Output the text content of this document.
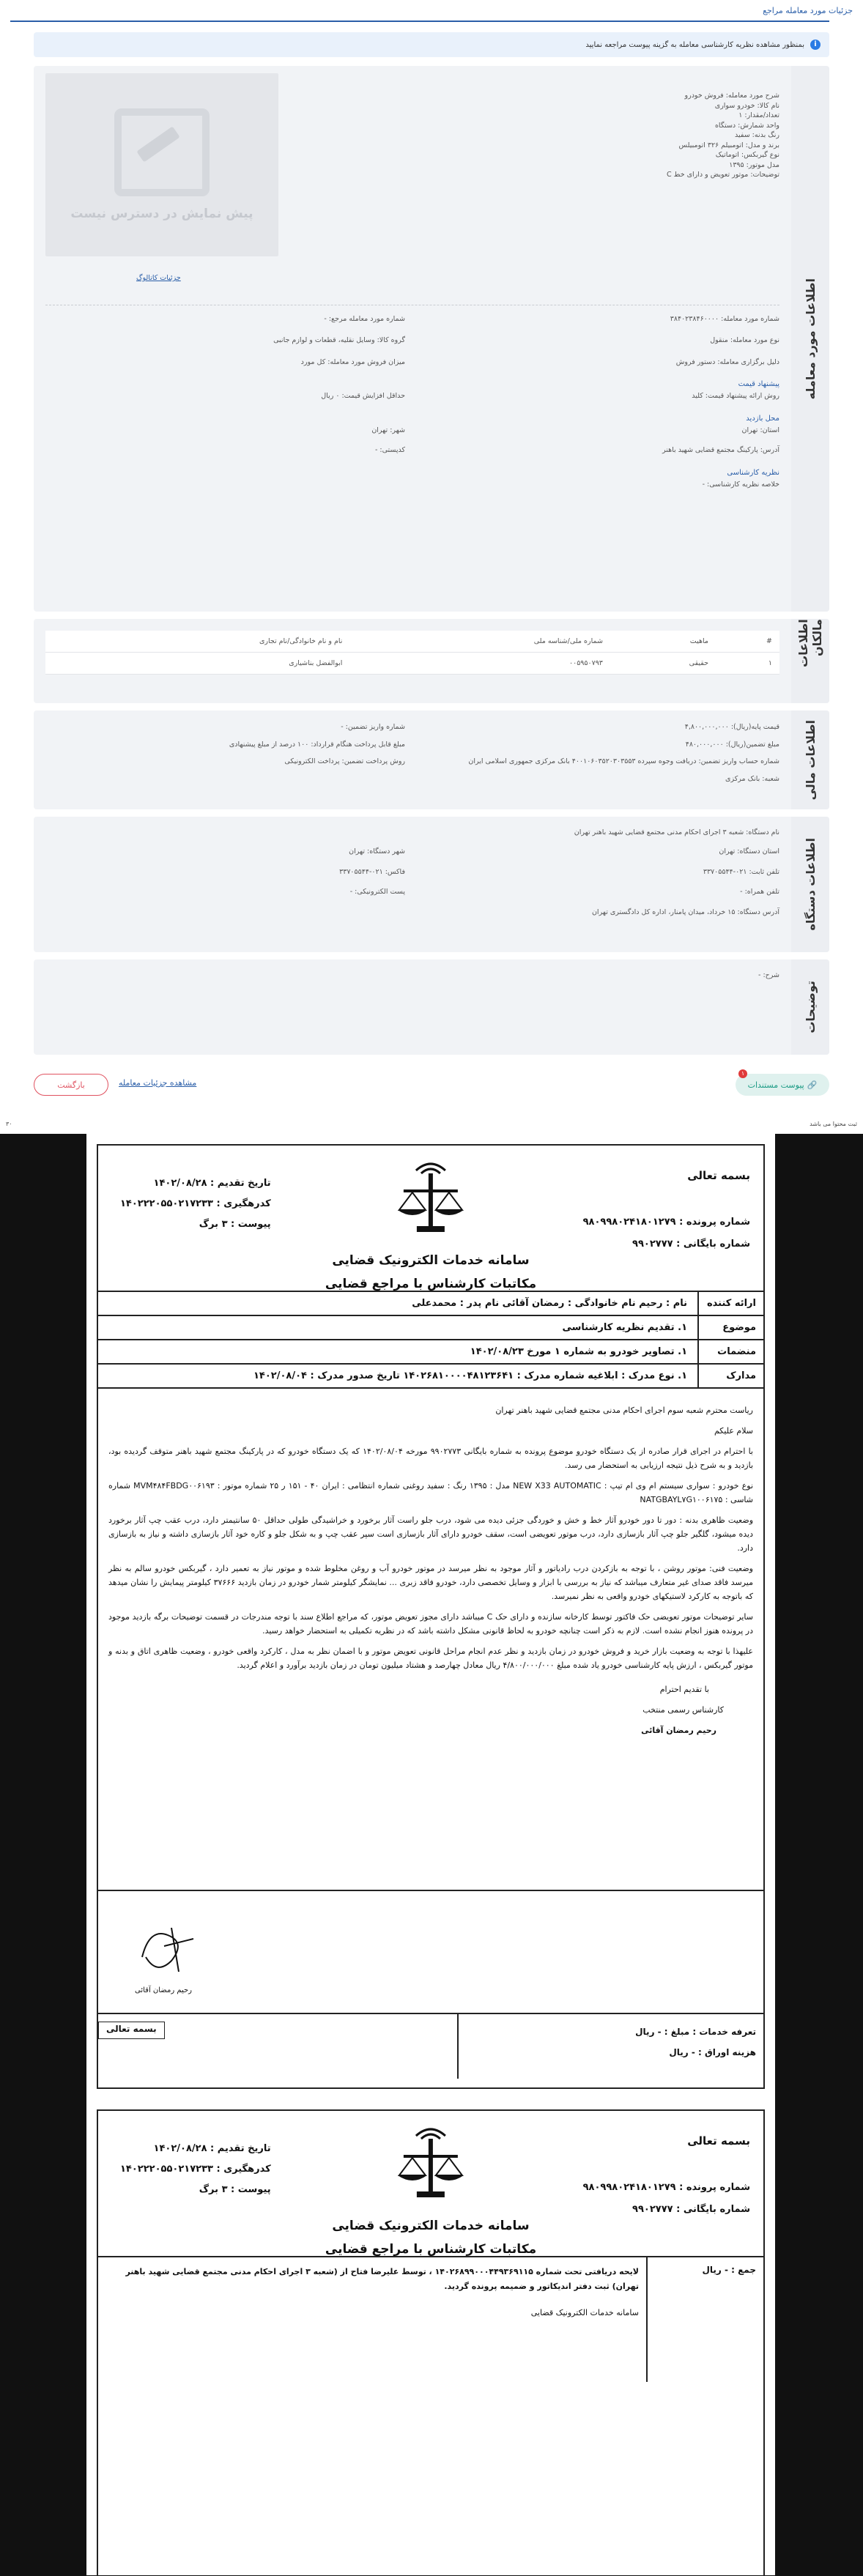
جزئیات مورد معامله مراجع
i
بمنظور مشاهده نظریه کارشناسی معامله به گزینه پیوست مراجعه نمایید
اطلاعات مورد معامله
شرح مورد معامله: فروش خودرو
نام کالا: خودرو سواری
تعداد/مقدار: ۱
واحد شمارش: دستگاه
رنگ بدنه: سفید
برند و مدل: اتومبیلم ۳۲۶ اتومبیلس
نوع گیربکس: اتوماتیک
مدل موتور: ۱۳۹۵
توضیحات: موتور تعویض و دارای خط C
پیش نمایش در دسترس نیست
جزئیات کاتالوگ
شماره مورد معامله: ۳۸۴۰۲۳۸۴۶۰۰۰۰
شماره مورد معامله مرجع: -
نوع مورد معامله: منقول
گروه کالا: وسایل نقلیه، قطعات و لوازم جانبی
دلیل برگزاری معامله: دستور فروش
میزان فروش مورد معامله: کل مورد
پیشنهاد قیمت
روش ارائه پیشنهاد قیمت: کلید
حداقل افزایش قیمت: ۰ ریال
محل بازدید
استان: تهران
شهر: تهران
آدرس: پارکینگ مجتمع قضایی شهید باهنر
کدپستی: -
نظریه کارشناسی
خلاصه نظریه کارشناسی: -
اطلاعات مالکان
#	ماهیت	شماره ملی/شناسه ملی	نام و نام خانوادگی/نام تجاری
۱	حقیقی	۰۰۵۹۵۰۷۹۳	ابوالفضل بناشیاری
اطلاعات مالی
قیمت پایه(ریال): ۴,۸۰۰,۰۰۰,۰۰۰
شماره واریز تضمین: -
مبلغ تضمین(ریال): ۴۸۰,۰۰۰,۰۰۰
مبلغ قابل پرداخت هنگام قرارداد: ۱۰۰ درصد از مبلغ پیشنهادی
شماره حساب واریز تضمین: دریافت وجوه سپرده ۴۰۰۱۰۶۰۳۵۲۰۳۰۳۵۵۳ بانک مرکزی جمهوری اسلامی ایران
روش پرداخت تضمین: پرداخت الکترونیکی
شعبه: بانک مرکزی
اطلاعات دستگاه
نام دستگاه: شعبه ۳ اجرای احکام مدنی مجتمع قضایی شهید باهنر تهران
استان دستگاه: تهران
شهر دستگاه: تهران
تلفن ثابت: ۰۲۱-۳۳۷۰۵۵۴۴
فاکس: ۰۲۱-۳۳۷۰۵۵۴۴
تلفن همراه: -
پست الکترونیکی: -
آدرس دستگاه: ۱۵ خرداد، میدان پامنار، اداره کل دادگستری تهران
توضیحات
شرح: -
🔗
پیوست مستندات
۱
مشاهده جزئیات معامله
بازگشت
ثبت محتوا می باشد
۳۰
بسمه تعالی
شماره پرونده : ۹۸۰۹۹۸۰۲۴۱۸۰۱۲۷۹
شماره بایگانی : ۹۹۰۲۷۷۷
سامانه خدمات الکترونیک قضایی
مکاتبات کارشناس با مراجع قضایی
تاریخ تقدیم : ۱۴۰۲/۰۸/۲۸
کدرهگیری : ۱۴۰۲۲۲۰۵۵۰۲۱۷۲۳۳
پیوست : ۳ برگ
ارائه کننده
نام : رحیم نام خانوادگی : رمضان آقائی نام پدر : محمدعلی
موضوع
۱. تقدیم نظریه کارشناسی
منضمات
۱. تصاویر خودرو به شماره ۱ مورخ ۱۴۰۲/۰۸/۲۳
مدارک
۱. نوع مدرک : ابلاغیه شماره مدرک : ۱۴۰۲۶۸۱۰۰۰۰۴۸۱۲۳۶۴۱ تاریخ صدور مدرک : ۱۴۰۲/۰۸/۰۴

ریاست محترم شعبه سوم اجرای احکام مدنی مجتمع قضایی شهید باهنر تهران

سلام علیکم

با احترام در اجرای قرار صادره از یک دستگاه خودرو موضوع پرونده به شماره بایگانی ۹۹۰۲۷۷۳ مورخه ۱۴۰۲/۰۸/۰۴ که یک دستگاه خودرو که در پارکینگ مجتمع شهید باهنر متوقف گردیده بود، بازدید و به شرح ذیل نتیجه ارزیابی به استحضار می رسد.

نوع خودرو : سواری سیستم ام وی ام تیپ : NEW X33 AUTOMATIC مدل : ۱۳۹۵ رنگ : سفید روغنی شماره انتظامی : ایران ۴۰ - ۱۵۱ ر ۲۵ شماره موتور : MVM۴۸۴FBDG۰۰۶۱۹۳ شماره شاسی : NATGBAYL۷G۱۰۰۶۱۷۵

وضعیت ظاهری بدنه : دور تا دور خودرو آثار خط و خش و خوردگی جزئی دیده می شود، درب جلو راست آثار برخورد و خراشیدگی طولی حداقل ۵۰ سانتیمتر دارد، درب عقب چپ آثار برخورد دیده میشود، گلگیر جلو چپ آثار بازسازی دارد، درب موتور تعویضی است، سقف خودرو دارای آثار بازسازی است سپر عقب چپ و به شکل جلو و کاره خود آثار بازسازی داشته و نیاز به بازسازی دارد.

وضعیت فنی: موتور روشن ، با توجه به بازکردن درب رادیاتور و آثار موجود به نظر میرسد در موتور خودرو آب و روغن مخلوط شده و موتور نیاز به تعمیر دارد ، گیربکس خودرو سالم به نظر میرسد فاقد صدای غیر متعارف میباشد که نیاز به بررسی با ابزار و وسایل تخصصی دارد، خودرو فاقد زبری ... نمایشگر کیلومتر شمار خودرو در زمان بازدید ۳۷۶۶۶ کیلومتر پیمایش را نشان میدهد که باتوجه به کارکرد لاستیکهای خودرو واقعی به نظر نمیرسد.

سایر توضیحات موتور تعویضی حک فاکتور توسط کارخانه سازنده و دارای حک C میباشد دارای مجوز تعویض موتور، که مراجع اطلاع سند با توجه مندرجات در قسمت توضیحات برگه بازدید موجود در پرونده هنوز انجام نشده است. لازم به ذکر است چنانچه خودرو به لحاظ قانونی مشکل داشته باشد که در نظریه تکمیلی به استحضار خواهد رسید.

علیهذا با توجه به وضعیت بازار خرید و فروش خودرو در زمان بازدید و نظر عدم انجام مراحل قانونی تعویض موتور و با اضمان نظر به مدل ، کارکرد واقعی خودرو ، وضعیت ظاهری اتاق و بدنه و موتور گیربکس ، ارزش پایه کارشناسی خودرو یاد شده مبلغ ۴/۸۰۰/۰۰۰/۰۰۰ ریال معادل چهارصد و هشتاد میلیون تومان در زمان بازدید برآورد و اعلام گردید.

با تقدیم احترام

کارشناس رسمی منتخب

رحیم رمضان آقائی

رحیم رمضان آقائی
تعرفه خدمات : مبلغ : - ریال
هزینه اوراق : - ریال
بسمه تعالی
بسمه تعالی
شماره پرونده : ۹۸۰۹۹۸۰۲۴۱۸۰۱۲۷۹
شماره بایگانی : ۹۹۰۲۷۷۷
سامانه خدمات الکترونیک قضایی
مکاتبات کارشناس با مراجع قضایی
تاریخ تقدیم : ۱۴۰۲/۰۸/۲۸
کدرهگیری : ۱۴۰۲۲۲۰۵۵۰۲۱۷۲۳۳
پیوست : ۳ برگ
جمع : - ریال
لایحه دریافتی تحت شماره ۱۴۰۲۶۸۹۹۰۰۰۴۴۹۳۶۹۱۱۵ ، توسط علیرضا فتاح از (شعبه ۳ اجرای احکام مدنی مجتمع قضایی شهید باهنر تهران) ثبت دفتر اندیکاتور و ضمیمه پرونده گردید.
سامانه خدمات الکترونیک قضایی
